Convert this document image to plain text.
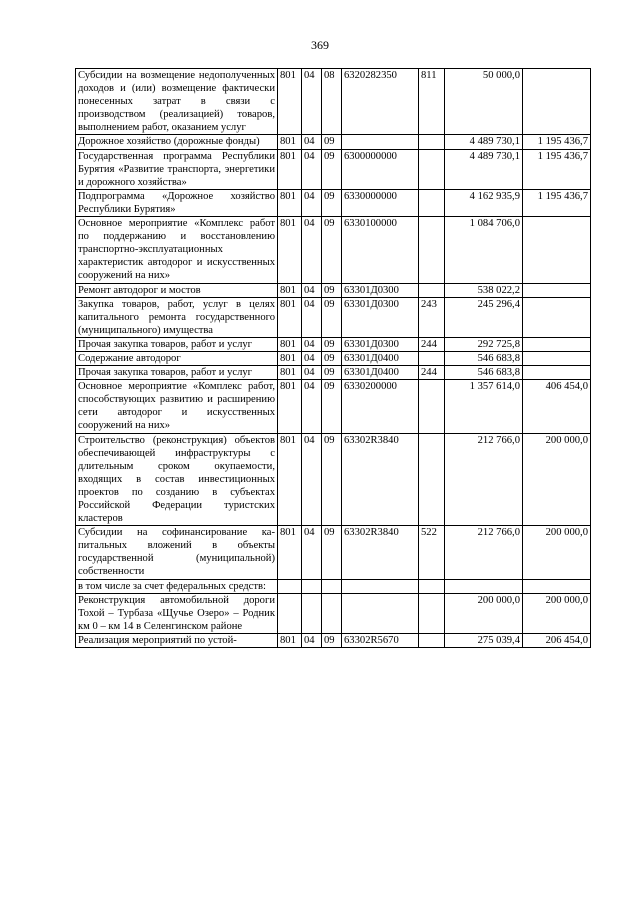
369
Субсидии на возмещение недополученных доходов и (или) возмещение фактически понесенных затрат в связи с производством (реализацией) товаров, выполнением работ, оказанием услуг	801	04	08	6320282350	811	50 000,0	
Дорожное хозяйство (дорожные фонды)	801	04	09			4 489 730,1	1 195 436,7
Государственная программа Республики Бурятия «Развитие транспорта, энергетики и дорожного хозяйства»	801	04	09	6300000000		4 489 730,1	1 195 436,7
Подпрограмма «Дорожное хозяйство Республики Бурятия»	801	04	09	6330000000		4 162 935,9	1 195 436,7
Основное мероприятие «Комплекс работ по поддержанию и восстановлению транспортно-эксплуатационных характеристик автодорог и искусственных сооружений на них»	801	04	09	6330100000		1 084 706,0	
Ремонт автодорог и мостов	801	04	09	63301Д0300		538 022,2	
Закупка товаров, работ, услуг в целях капитального ремонта государственного (муниципального) имущества	801	04	09	63301Д0300	243	245 296,4	
Прочая закупка товаров, работ и услуг	801	04	09	63301Д0300	244	292 725,8	
Содержание автодорог	801	04	09	63301Д0400		546 683,8	
Прочая закупка товаров, работ и услуг	801	04	09	63301Д0400	244	546 683,8	
Основное мероприятие «Комплекс работ, способствующих развитию и расширению сети автодорог и искусственных сооружений на них»	801	04	09	6330200000		1 357 614,0	406 454,0
Строительство (реконструкция) объектов обеспечивающей инфраструктуры с длительным сроком окупаемости, входящих в состав инвестиционных проектов по созданию в субъектах Российской Федерации туристских кластеров	801	04	09	63302R3840		212 766,0	200 000,0
Субсидии на софинансирование капитальных вложений в объекты государственной (муниципальной) собственности	801	04	09	63302R3840	522	212 766,0	200 000,0
в том числе за счет федеральных средств:							
Реконструкция автомобильной дороги Тохой – Турбаза «Щучье Озеро» – Родник км 0 – км 14 в Селенгинском районе						200 000,0	200 000,0
Реализация мероприятий по устой-	801	04	09	63302R5670		275 039,4	206 454,0
